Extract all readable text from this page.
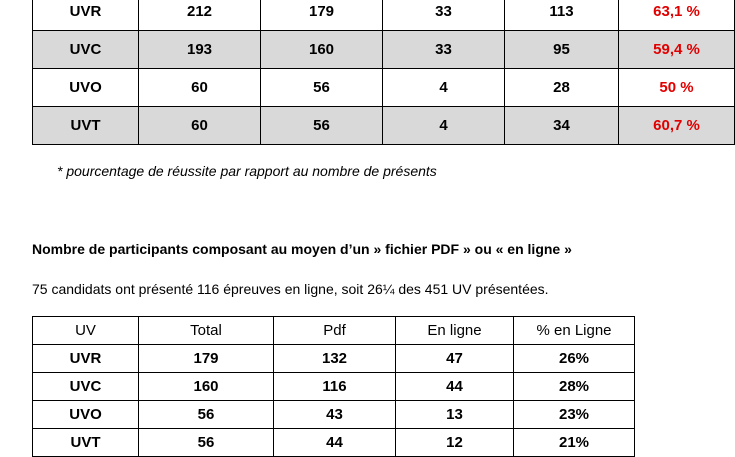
UVR	212	179	33	113	63,1 %
UVC	193	160	33	95	59,4 %
UVO	60	56	4	28	50 %
UVT	60	56	4	34	60,7 %
* pourcentage de réussite par rapport au nombre de présents
Nombre de participants composant au moyen d’un » fichier PDF » ou « en ligne »
75 candidats ont présenté 116 épreuves en ligne, soit 26¼ des 451 UV présentées.
UV	Total	Pdf	En ligne	% en Ligne
UVR	179	132	47	26%
UVC	160	116	44	28%
UVO	56	43	13	23%
UVT	56	44	12	21%
